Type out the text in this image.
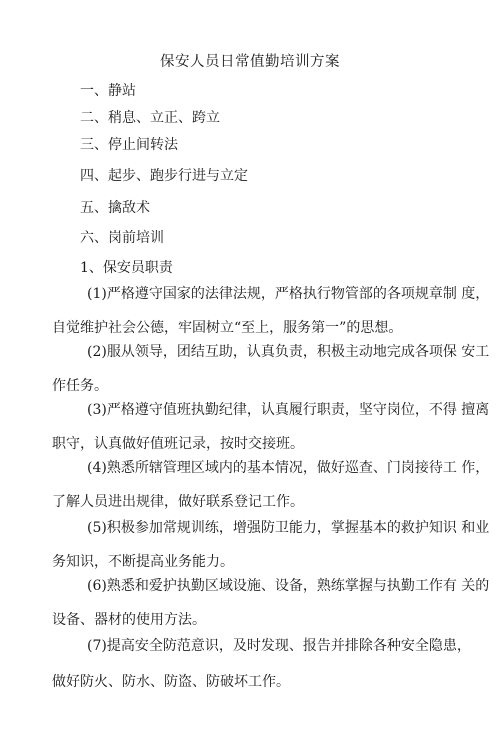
保安人员日常值勤培训方案
一、静站
二、稍息、立正、跨立
三、停止间转法
四、起步、跑步行进与立定
五、擒敌术
六、岗前培训
1、保安员职责
(1)严格遵守国家的法律法规，严格执行物管部的各项规章制 度，
自觉维护社会公德，牢固树立“至上，服务第一”的思想。
(2)服从领导，团结互助，认真负责，积极主动地完成各项保 安工
作任务。
(3)严格遵守值班执勤纪律，认真履行职责，坚守岗位，不得 擅离
职守，认真做好值班记录，按时交接班。
(4)熟悉所辖管理区域内的基本情况，做好巡查、门岗接待工 作，
了解人员进出规律，做好联系登记工作。
(5)积极参加常规训练，增强防卫能力，掌握基本的救护知识 和业
务知识，不断提高业务能力。
(6)熟悉和爱护执勤区域设施、设备，熟练掌握与执勤工作有 关的
设备、器材的使用方法。
(7)提高安全防范意识，及时发现、报告并排除各种安全隐患，
做好防火、防水、防盗、防破坏工作。
